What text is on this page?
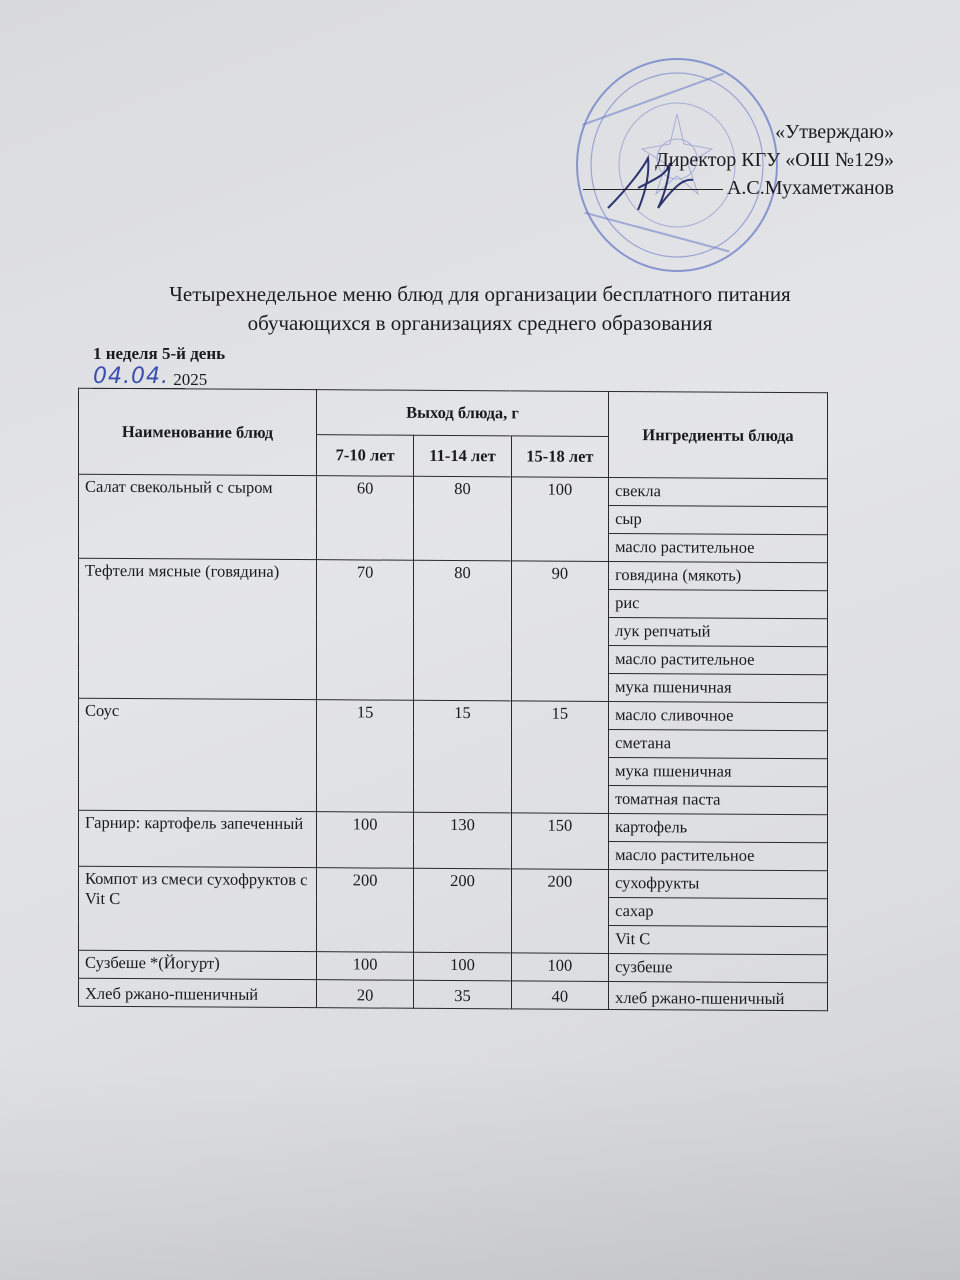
«Утверждаю»
Директор КГУ «ОШ №129»
А.С.Мухаметжанов
Четырехнедельное меню блюд для организации бесплатного питания
обучающихся в организациях среднего образования
1 неделя 5-й день
04.04. 2025
Наименование блюд	Выход блюда, г			Ингредиенты блюда
	7-10 лет	11-14 лет	15-18 лет	
Салат свекольный с сыром	60	80	100	свекла
				сыр
				масло растительное
Тефтели мясные (говядина)	70	80	90	говядина (мякоть)
				рис
				лук репчатый
				масло растительное
				мука пшеничная
Соус	15	15	15	масло сливочное
				сметана
				мука пшеничная
				томатная паста
Гарнир: картофель запеченный	100	130	150	картофель
				масло растительное
Компот из смеси сухофруктов с Vit C	200	200	200	сухофрукты
				сахар
				Vit C
Сузбеше *(Йогурт)	100	100	100	сузбеше
Хлеб ржано-пшеничный	20	35	40	хлеб ржано-пшеничный
